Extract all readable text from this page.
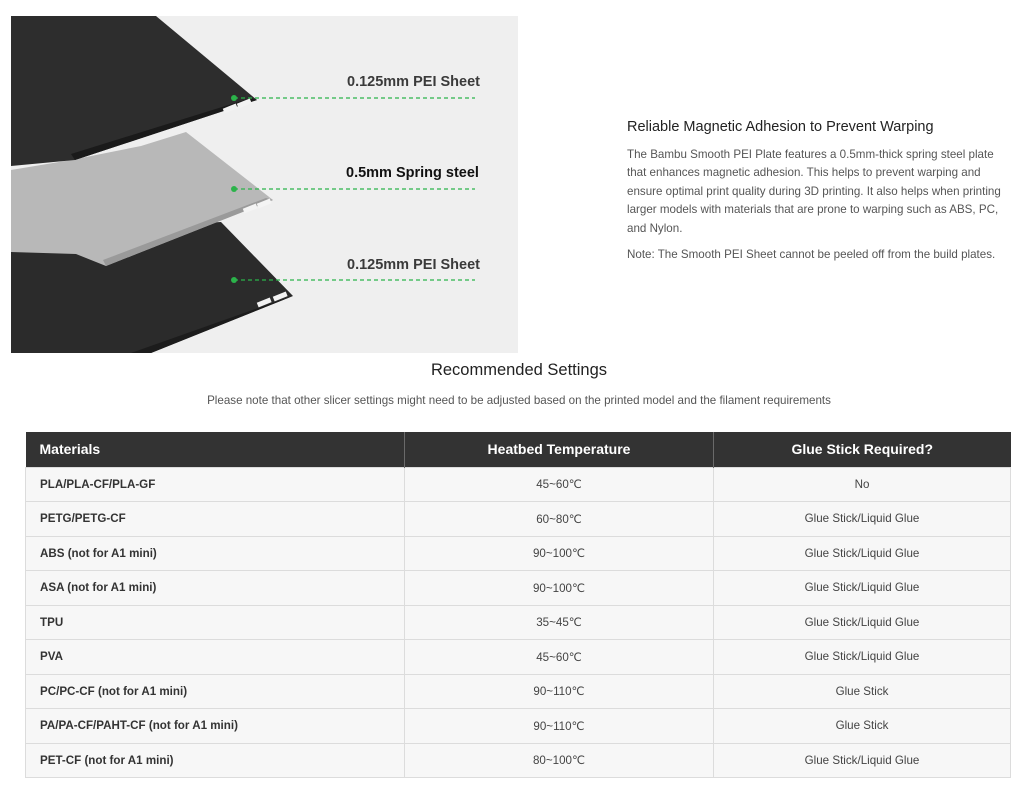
0.125mm PEI Sheet
0.5mm Spring steel
0.125mm PEI Sheet
Reliable Magnetic Adhesion to Prevent Warping

The Bambu Smooth PEI Plate features a 0.5mm-thick spring steel plate that enhances magnetic adhesion. This helps to prevent warping and ensure optimal print quality during 3D printing. It also helps when printing larger models with materials that are prone to warping such as ABS, PC, and Nylon.

Note: The Smooth PEI Sheet cannot be peeled off from the build plates.

Recommended Settings
Please note that other slicer settings might need to be adjusted based on the printed model and the filament requirements
Materials	Heatbed Temperature	Glue Stick Required?
PLA/PLA-CF/PLA-GF	45~60℃	No
PETG/PETG-CF	60~80℃	Glue Stick/Liquid Glue
ABS (not for A1 mini)	90~100℃	Glue Stick/Liquid Glue
ASA (not for A1 mini)	90~100℃	Glue Stick/Liquid Glue
TPU	35~45℃	Glue Stick/Liquid Glue
PVA	45~60℃	Glue Stick/Liquid Glue
PC/PC-CF (not for A1 mini)	90~110℃	Glue Stick
PA/PA-CF/PAHT-CF (not for A1 mini)	90~110℃	Glue Stick
PET-CF (not for A1 mini)	80~100℃	Glue Stick/Liquid Glue
